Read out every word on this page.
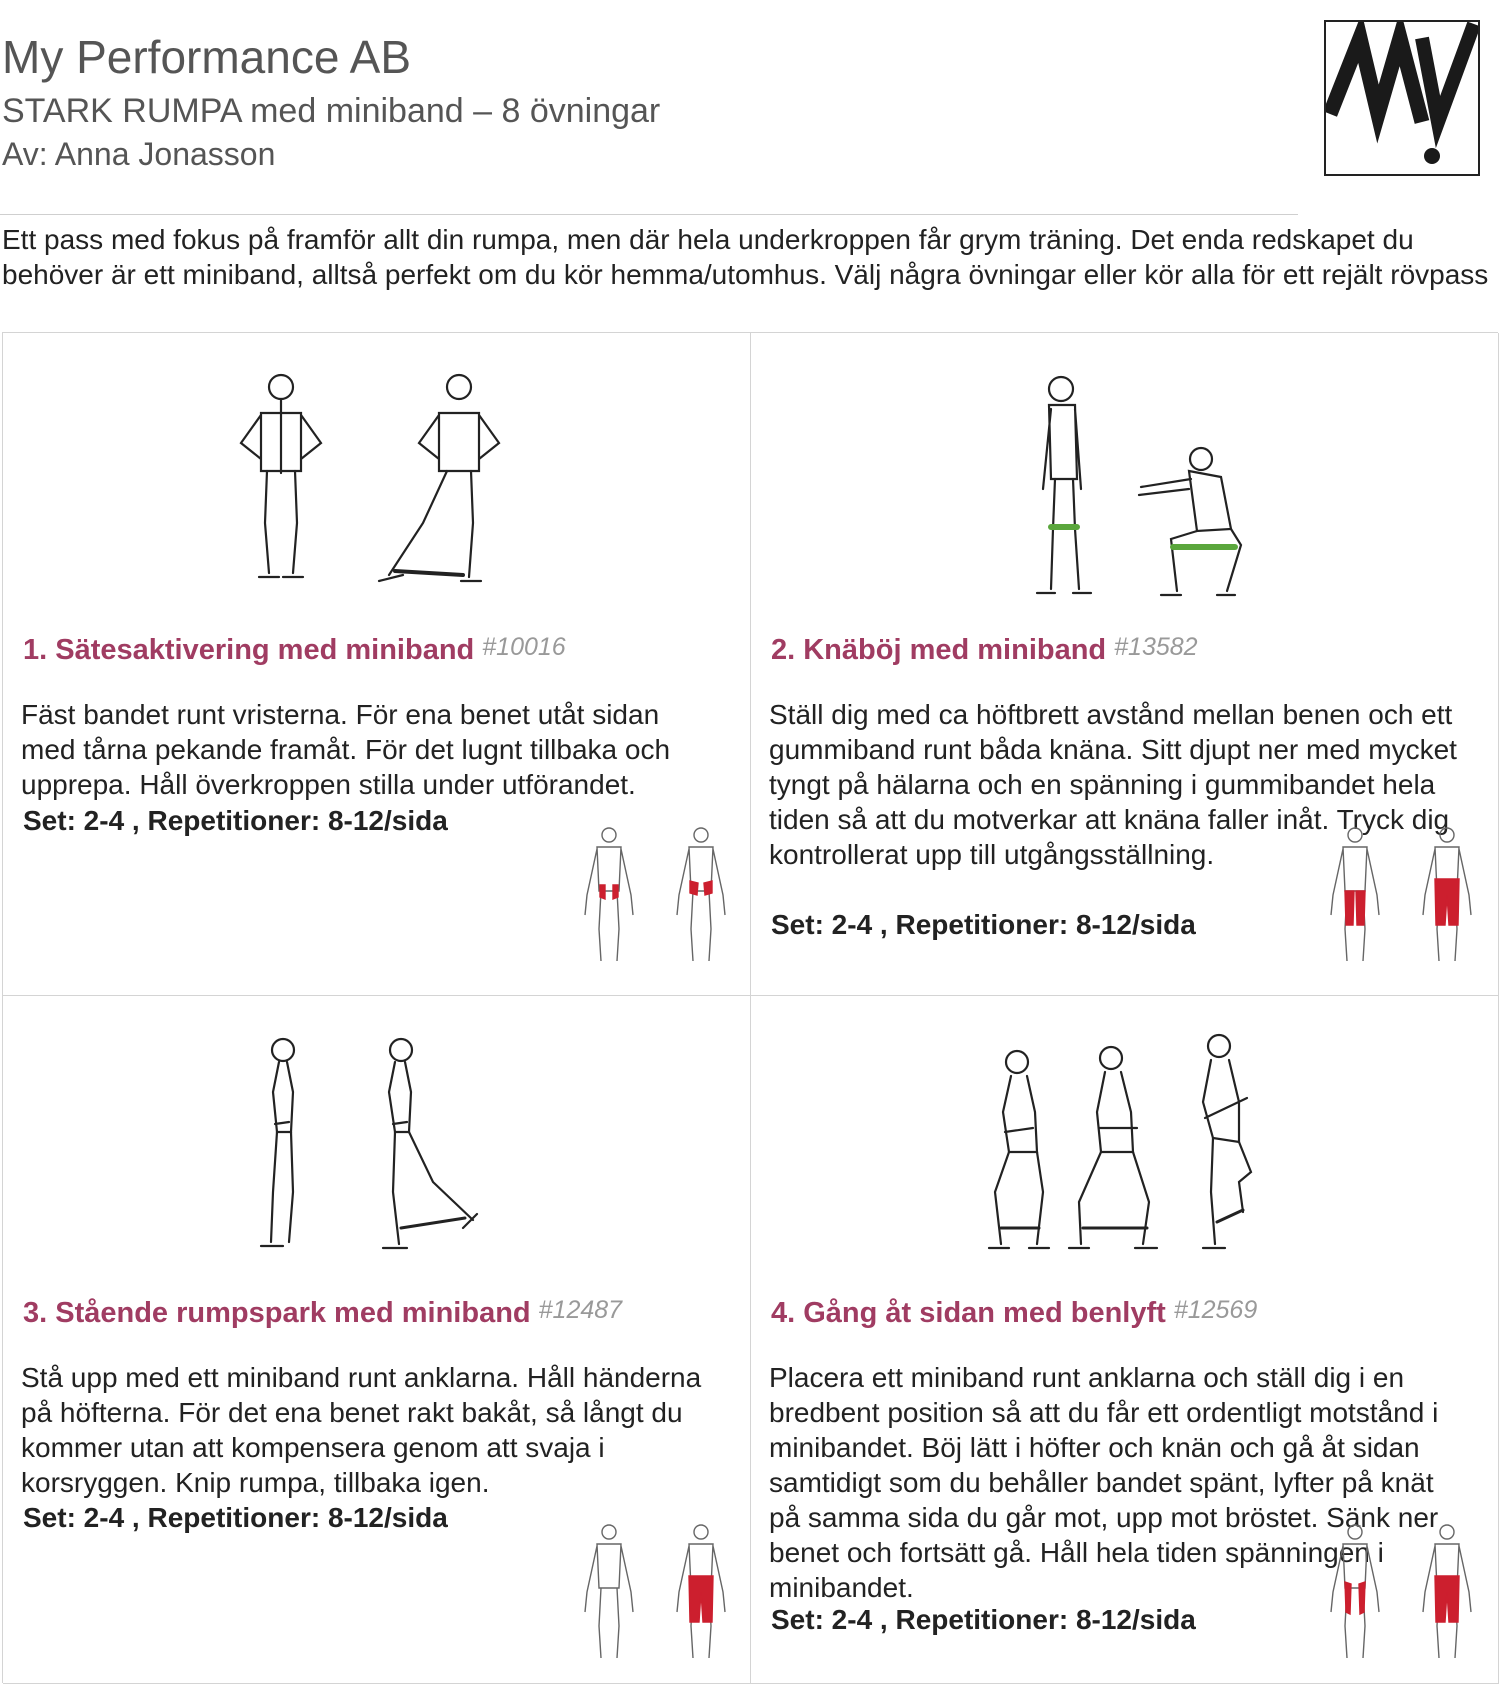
My Performance AB
STARK RUMPA med miniband – 8 övningar
Av: Anna Jonasson
Ett pass med fokus på framför allt din rumpa, men där hela underkroppen får grym träning. Det enda redskapet du behöver är ett miniband, alltså perfekt om du kör hemma/utomhus. Välj några övningar eller kör alla för ett rejält rövpass
1. Sätesaktivering med miniband #10016
Fäst bandet runt vristerna. För ena benet utåt sidan med tårna pekande framåt. För det lugnt tillbaka och upprepa. Håll överkroppen stilla under utförandet.
Set: 2-4 , Repetitioner: 8-12/sida
2. Knäböj med miniband #13582
Ställ dig med ca höftbrett avstånd mellan benen och ett gummiband runt båda knäna. Sitt djupt ner med mycket tyngt på hälarna och en spänning i gummibandet hela tiden så att du motverkar att knäna faller inåt. Tryck dig kontrollerat upp till utgångsställning.
Set: 2-4 , Repetitioner: 8-12/sida
3. Stående rumpspark med miniband #12487
Stå upp med ett miniband runt anklarna. Håll händerna på höfterna. För det ena benet rakt bakåt, så långt du kommer utan att kompensera genom att svaja i korsryggen. Knip rumpa, tillbaka igen.
Set: 2-4 , Repetitioner: 8-12/sida
4. Gång åt sidan med benlyft #12569
Placera ett miniband runt anklarna och ställ dig i en bredbent position så att du får ett ordentligt motstånd i minibandet. Böj lätt i höfter och knän och gå åt sidan samtidigt som du behåller bandet spänt, lyfter på knät på samma sida du går mot, upp mot bröstet. Sänk ner benet och fortsätt gå. Håll hela tiden spänningen i minibandet.
Set: 2-4 , Repetitioner: 8-12/sida
